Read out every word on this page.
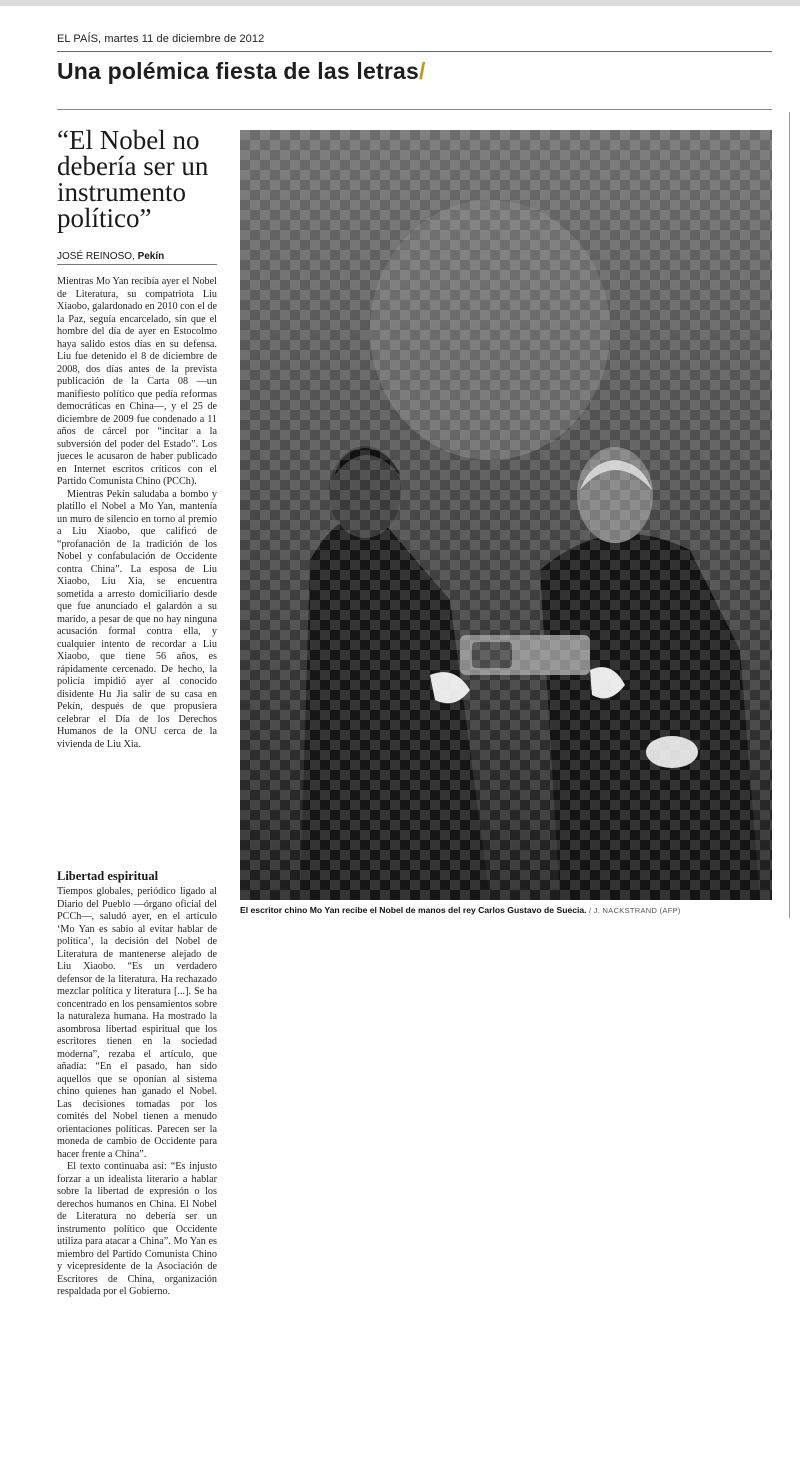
EL PAÍS, martes 11 de diciembre de 2012
Una polémica fiesta de las letras/
“El Nobel no debería ser un instrumento político”
JOSÉ REINOSO, Pekín

Mientras Mo Yan recibía ayer el Nobel de Literatura, su compatriota Liu Xiaobo, galardonado en 2010 con el de la Paz, seguía encarcelado, sin que el hombre del día de ayer en Estocolmo haya salido estos días en su defensa. Liu fue detenido el 8 de diciembre de 2008, dos días antes de la prevista publicación de la Carta 08 —un manifiesto político que pedía reformas democráticas en China—, y el 25 de diciembre de 2009 fue condenado a 11 años de cárcel por “incitar a la subversión del poder del Estado”. Los jueces le acusaron de haber publicado en Internet escritos críticos con el Partido Comunista Chino (PCCh).

Mientras Pekín saludaba a bombo y platillo el Nobel a Mo Yan, mantenía un muro de silencio en torno al premio a Liu Xiaobo, que calificó de “profanación de la tradición de los Nobel y confabulación de Occidente contra China”. La esposa de Liu Xiaobo, Liu Xia, se encuentra sometida a arresto domiciliario desde que fue anunciado el galardón a su marido, a pesar de que no hay ninguna acusación formal contra ella, y cualquier intento de recordar a Liu Xiaobo, que tiene 56 años, es rápidamente cercenado. De hecho, la policía impidió ayer al conocido disidente Hu Jia salir de su casa en Pekín, después de que propusiera celebrar el Día de los Derechos Humanos de la ONU cerca de la vivienda de Liu Xia.

Libertad espiritual

Tiempos globales, periódico ligado al Diario del Pueblo —órgano oficial del PCCh—, saludó ayer, en el artículo ‘Mo Yan es sabio al evitar hablar de política’, la decisión del Nobel de Literatura de mantenerse alejado de Liu Xiaobo. “Es un verdadero defensor de la literatura. Ha rechazado mezclar política y literatura [...]. Se ha concentrado en los pensamientos sobre la naturaleza humana. Ha mostrado la asombrosa libertad espiritual que los escritores tienen en la sociedad moderna”, rezaba el artículo, que añadía: “En el pasado, han sido aquellos que se oponían al sistema chino quienes han ganado el Nobel. Las decisiones tomadas por los comités del Nobel tienen a menudo orientaciones políticas. Parecen ser la moneda de cambio de Occidente para hacer frente a China”.

El texto continuaba así: “Es injusto forzar a un idealista literario a hablar sobre la libertad de expresión o los derechos humanos en China. El Nobel de Literatura no debería ser un instrumento político que Occidente utiliza para atacar a China”. Mo Yan es miembro del Partido Comunista Chino y vicepresidente de la Asociación de Escritores de China, organización respaldada por el Gobierno.

El escritor chino Mo Yan recibe el Nobel de manos del rey Carlos Gustavo de Suecia. / J. NACKSTRAND (AFP)
